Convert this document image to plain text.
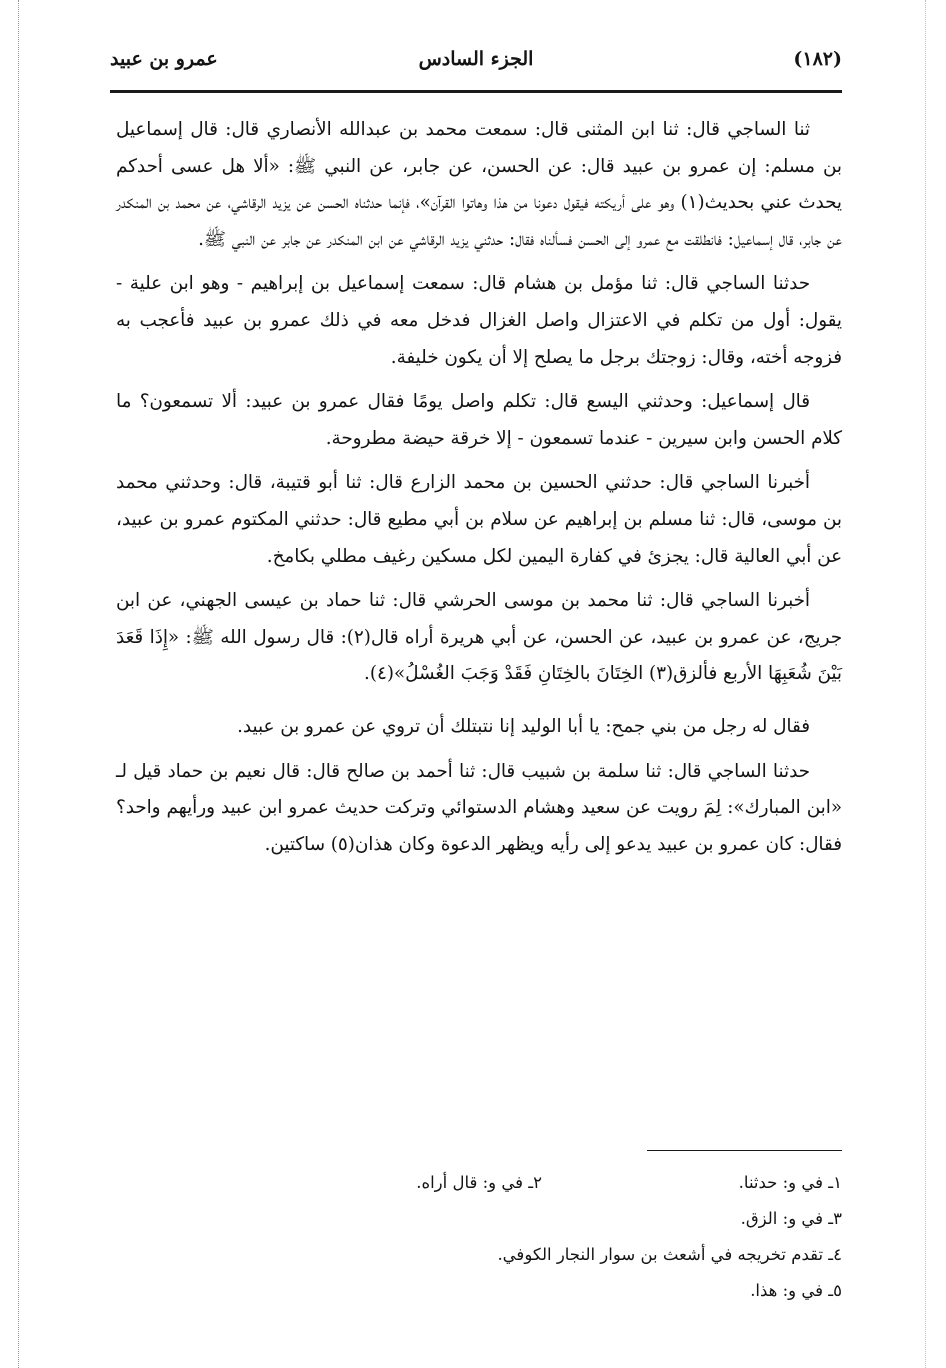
(١٨٢)
الجزء السادس
عمرو بن عبيد

ثنا الساجي قال: ثنا ابن المثنى قال: سمعت محمد بن عبدالله الأنصاري قال: قال إسماعيل بن مسلم: إن عمرو بن عبيد قال: عن الحسن، عن جابر، عن النبي ﷺ: «ألا هل عسى أحدكم يحدث عني بحديث(١) وهو على أريكته فيقول دعونا من هذا وهاتوا القرآن»، فإنما حدثناه الحسن عن يزيد الرقاشي، عن محمد بن المنكدر عن جابر، قال إسماعيل: فانطلقت مع عمرو إلى الحسن فسألناه فقال: حدثني يزيد الرقاشي عن ابن المنكدر عن جابر عن النبي ﷺ.

حدثنا الساجي قال: ثنا مؤمل بن هشام قال: سمعت إسماعيل بن إبراهيم - وهو ابن علية - يقول: أول من تكلم في الاعتزال واصل الغزال فدخل معه في ذلك عمرو بن عبيد فأعجب به فزوجه أخته، وقال: زوجتك برجل ما يصلح إلا أن يكون خليفة.

قال إسماعيل: وحدثني اليسع قال: تكلم واصل يومًا فقال عمرو بن عبيد: ألا تسمعون؟ ما كلام الحسن وابن سيرين - عندما تسمعون - إلا خرقة حيضة مطروحة.

أخبرنا الساجي قال: حدثني الحسين بن محمد الزارع قال: ثنا أبو قتيبة، قال: وحدثني محمد بن موسى، قال: ثنا مسلم بن إبراهيم عن سلام بن أبي مطيع قال: حدثني المكتوم عمرو بن عبيد، عن أبي العالية قال: يجزئ في كفارة اليمين لكل مسكين رغيف مطلي بكامخ.

أخبرنا الساجي قال: ثنا محمد بن موسى الحرشي قال: ثنا حماد بن عيسى الجهني، عن ابن جريج، عن عمرو بن عبيد، عن الحسن، عن أبي هريرة أراه قال(٢): قال رسول الله ﷺ: «إِذَا قَعَدَ بَيْنَ شُعَبِهَا الأربع فألزق(٣) الخِتَانَ بالخِتَانِ فَقَدْ وَجَبَ الغُسْلُ»(٤).

فقال له رجل من بني جمح: يا أبا الوليد إنا نتبتلك أن تروي عن عمرو بن عبيد.

حدثنا الساجي قال: ثنا سلمة بن شبيب قال: ثنا أحمد بن صالح قال: قال نعيم بن حماد قيل لـ «ابن المبارك»: لِمَ رويت عن سعيد وهشام الدستوائي وتركت حديث عمرو ابن عبيد ورأيهم واحد؟ فقال: كان عمرو بن عبيد يدعو إلى رأيه ويظهر الدعوة وكان هذان(٥) ساكتين.

١ـ في و: حدثنا.
٢ـ في و: قال أراه.
٣ـ في و: الزق.
٤ـ تقدم تخريجه في أشعث بن سوار النجار الكوفي.
٥ـ في و: هذا.
